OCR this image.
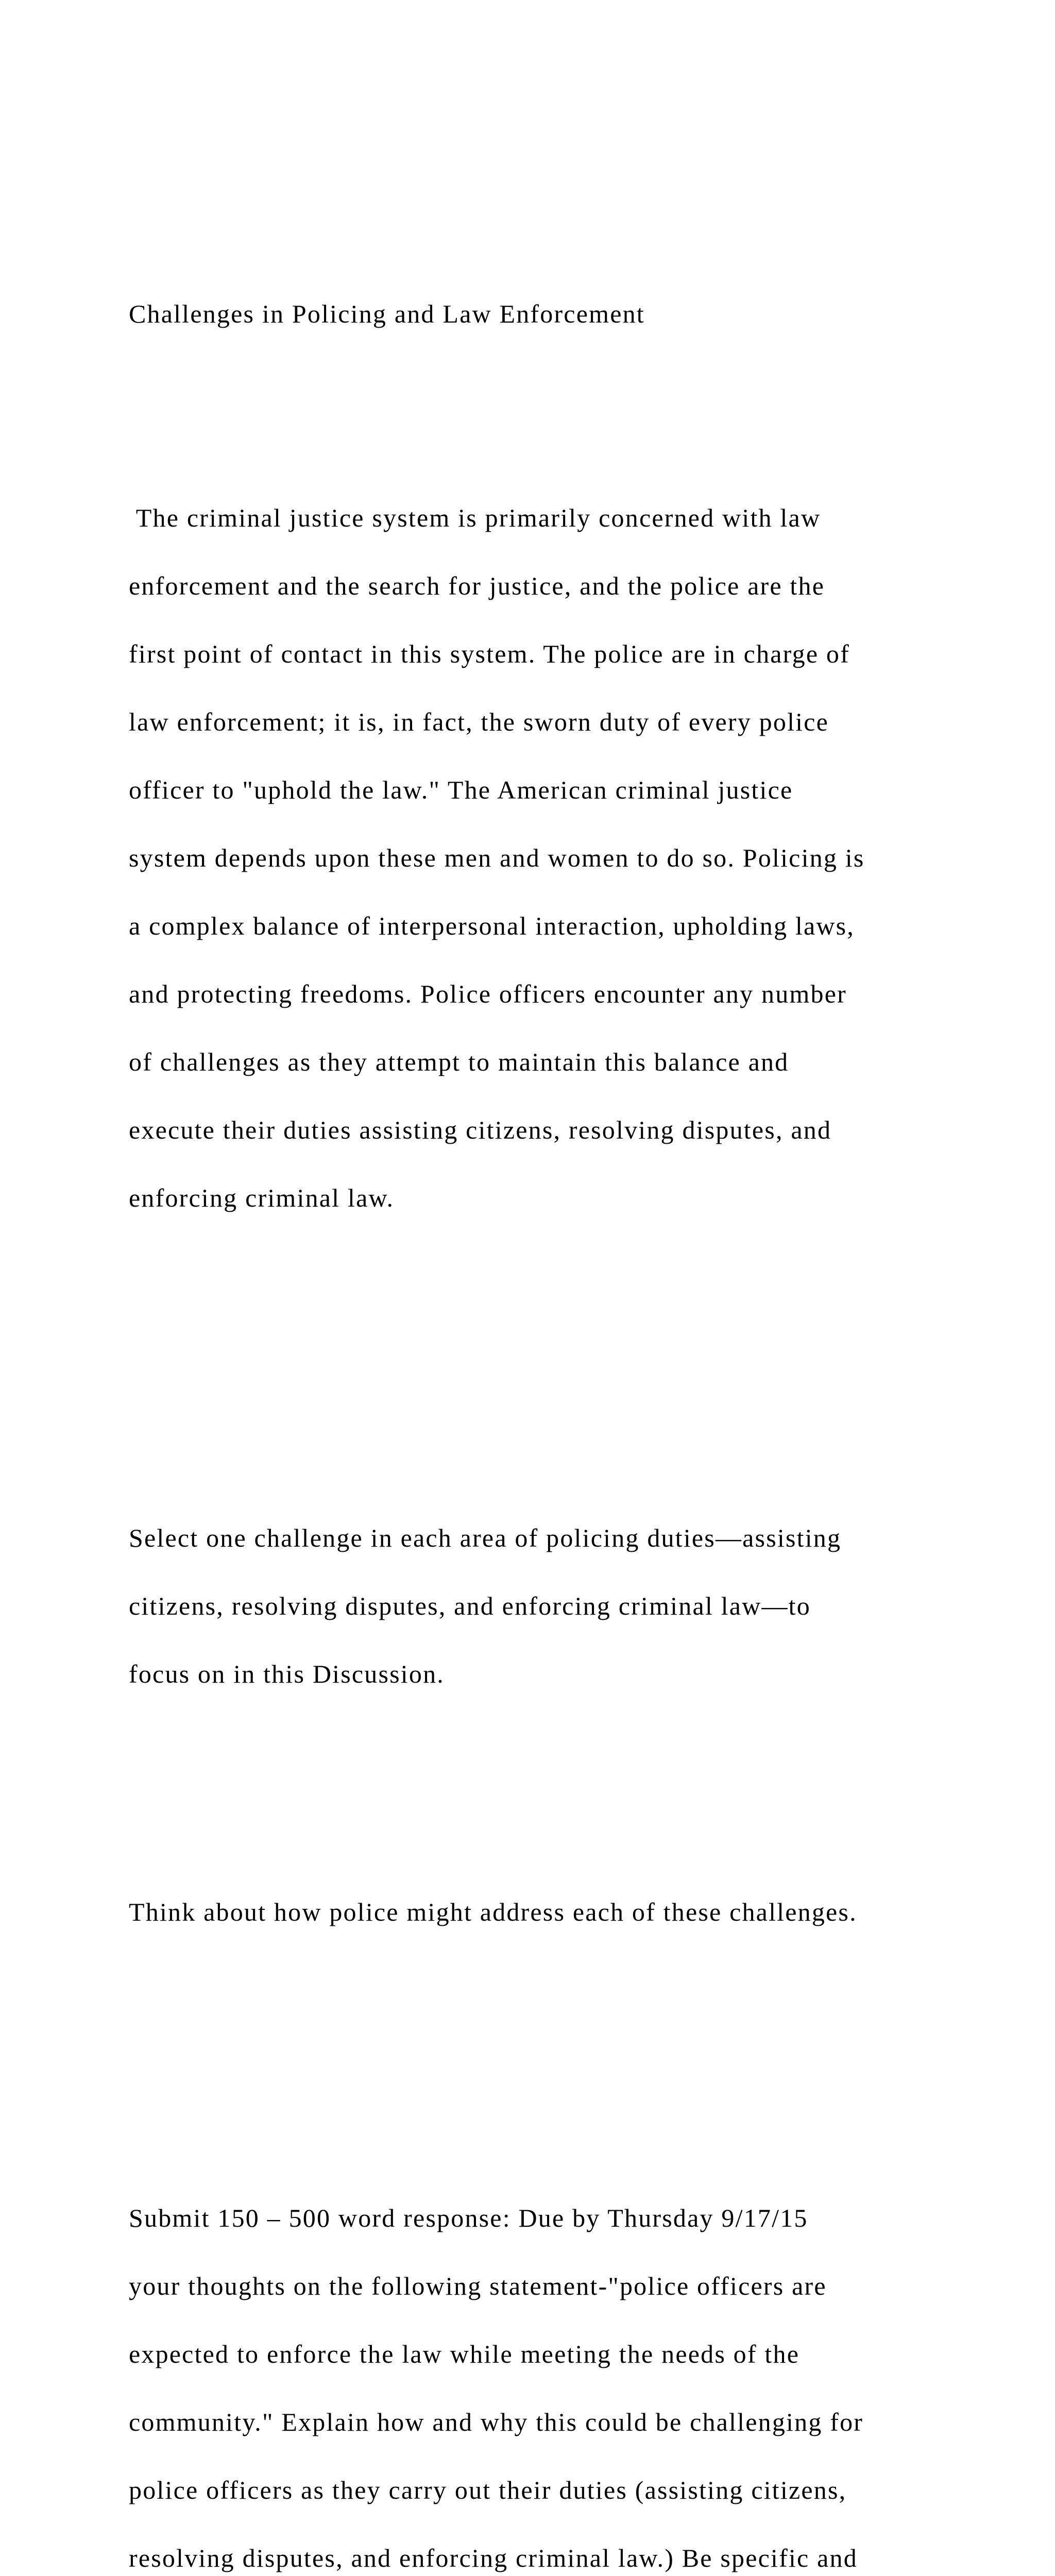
Challenges in Policing and Law Enforcement

The criminal justice system is primarily concerned with law

enforcement and the search for justice, and the police are the

first point of contact in this system. The police are in charge of

law enforcement; it is, in fact, the sworn duty of every police

officer to "uphold the law." The American criminal justice

system depends upon these men and women to do so. Policing is

a complex balance of interpersonal interaction, upholding laws,

and protecting freedoms. Police officers encounter any number

of challenges as they attempt to maintain this balance and

execute their duties assisting citizens, resolving disputes, and

enforcing criminal law.

Select one challenge in each area of policing duties—assisting

citizens, resolving disputes, and enforcing criminal law—to

focus on in this Discussion.

Think about how police might address each of these challenges.

Submit 150 – 500 word response: Due by Thursday 9/17/15

your thoughts on the following statement-"police officers are

expected to enforce the law while meeting the needs of the

community." Explain how and why this could be challenging for

police officers as they carry out their duties (assisting citizens,

resolving disputes, and enforcing criminal law.) Be specific and
